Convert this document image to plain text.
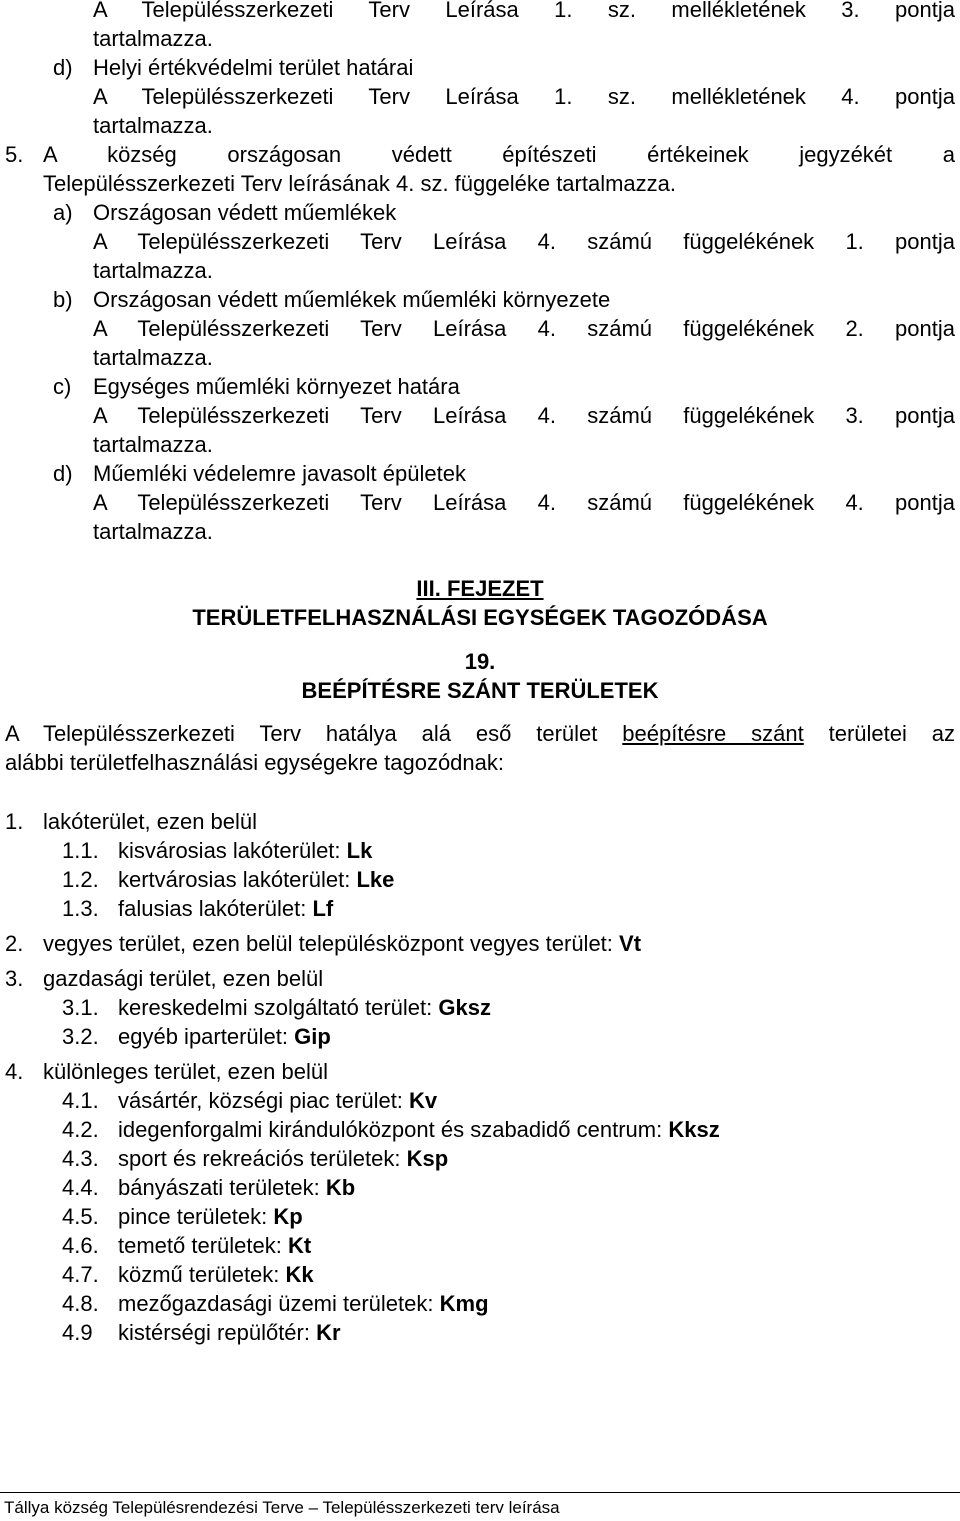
A Településszerkezeti Terv Leírása 1. sz. mellékletének 3. pontja
tartalmazza.
d) Helyi értékvédelmi terület határai
A Településszerkezeti Terv Leírása 1. sz. mellékletének 4. pontja
tartalmazza.
5. A község országosan védett építészeti értékeinek jegyzékét a
Településszerkezeti Terv leírásának 4. sz. függeléke tartalmazza.
a) Országosan védett műemlékek
A Településszerkezeti Terv Leírása 4. számú függelékének 1. pontja
tartalmazza.
b) Országosan védett műemlékek műemléki környezete
A Településszerkezeti Terv Leírása 4. számú függelékének 2. pontja
tartalmazza.
c) Egységes műemléki környezet határa
A Településszerkezeti Terv Leírása 4. számú függelékének 3. pontja
tartalmazza.
d) Műemléki védelemre javasolt épületek
A Településszerkezeti Terv Leírása 4. számú függelékének 4. pontja
tartalmazza.
III. FEJEZET
TERÜLETFELHASZNÁLÁSI EGYSÉGEK TAGOZÓDÁSA
19.
BEÉPÍTÉSRE SZÁNT TERÜLETEK
A Településszerkezeti Terv hatálya alá eső terület beépítésre szánt területei az
alábbi területfelhasználási egységekre tagozódnak:
1. lakóterület, ezen belül
1.1. kisvárosias lakóterület: Lk
1.2. kertvárosias lakóterület: Lke
1.3. falusias lakóterület: Lf
2. vegyes terület, ezen belül településközpont vegyes terület: Vt
3. gazdasági terület, ezen belül
3.1. kereskedelmi szolgáltató terület: Gksz
3.2. egyéb iparterület: Gip
4. különleges terület, ezen belül
4.1. vásártér, községi piac terület: Kv
4.2. idegenforgalmi kirándulóközpont és szabadidő centrum: Kksz
4.3. sport és rekreációs területek: Ksp
4.4. bányászati területek: Kb
4.5. pince területek: Kp
4.6. temető területek: Kt
4.7. közmű területek: Kk
4.8. mezőgazdasági üzemi területek: Kmg
4.9 kistérségi repülőtér: Kr
Tállya község Településrendezési Terve – Településszerkezeti terv leírása
